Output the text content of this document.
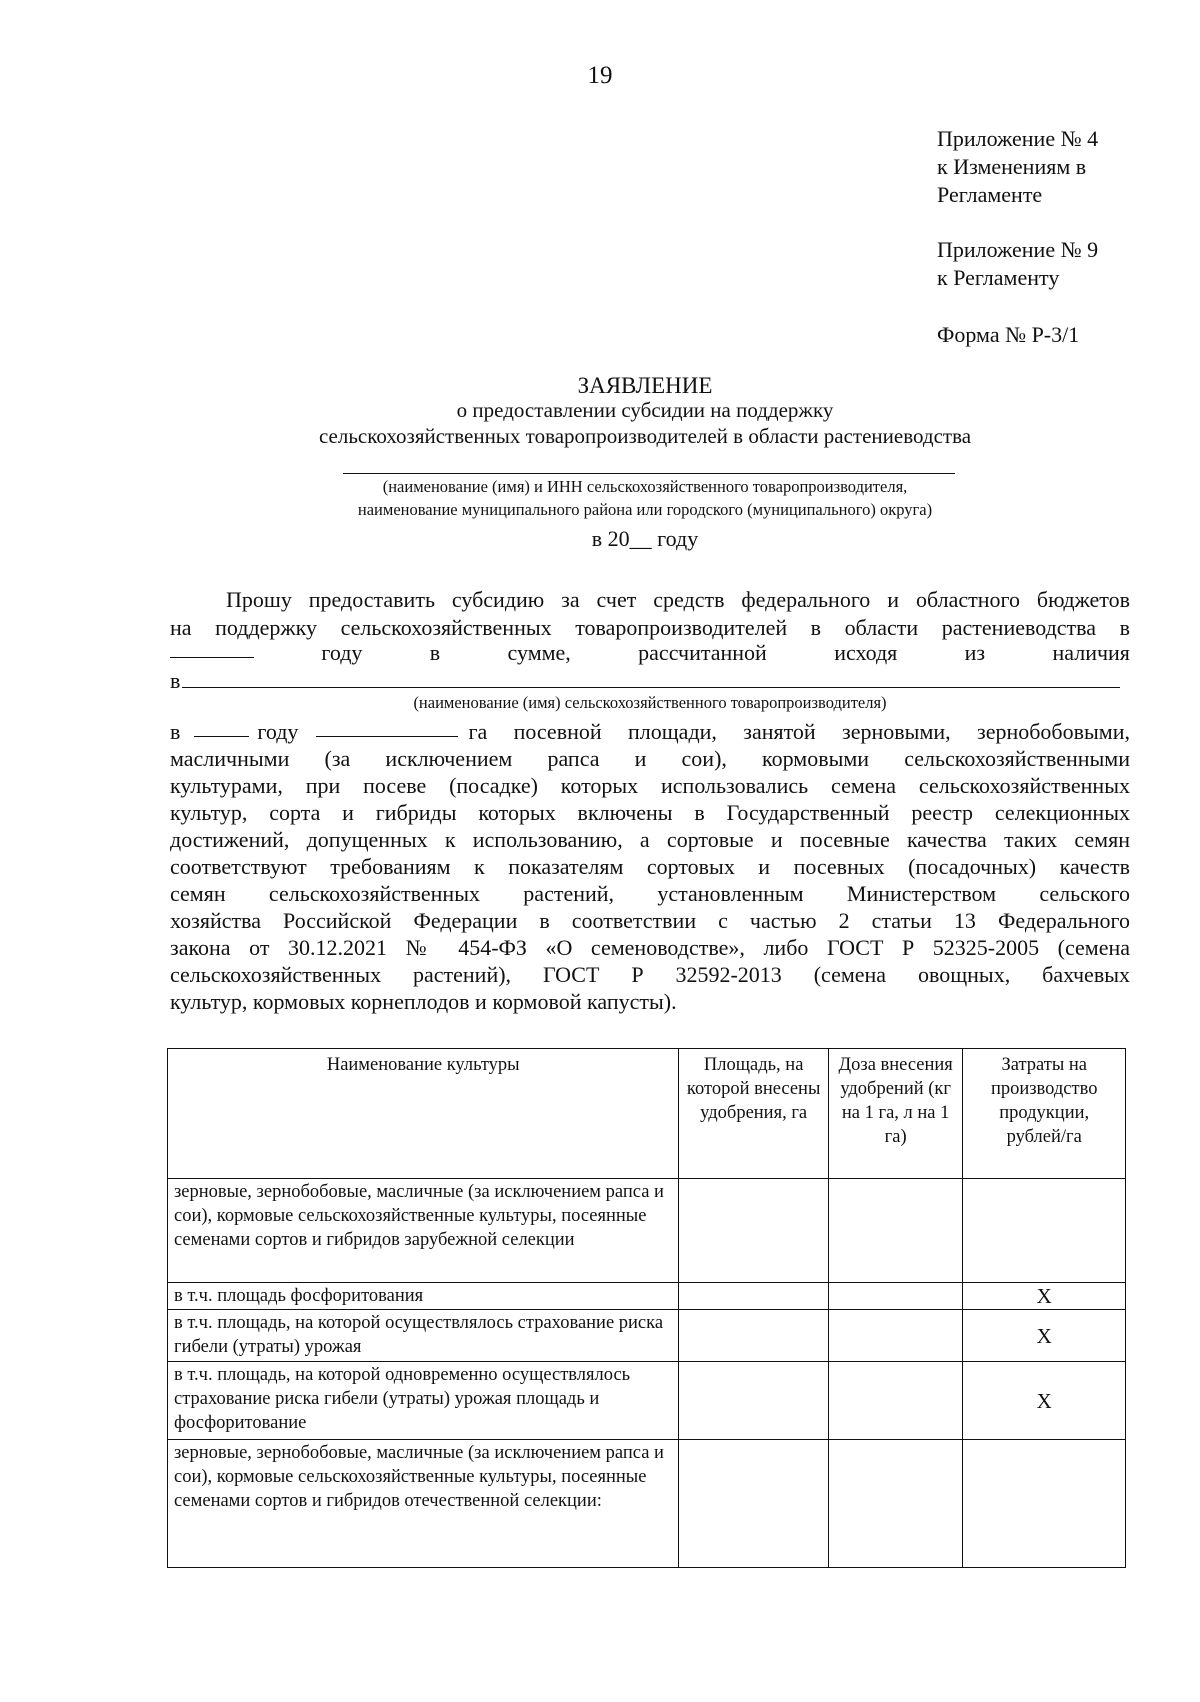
19
Приложение № 4
к Изменениям в
Регламенте
Приложение № 9
к Регламенту
Форма № Р-3/1
ЗАЯВЛЕНИЕ
о предоставлении субсидии на поддержку
сельскохозяйственных товаропроизводителей в области растениеводства
(наименование (имя) и ИНН сельскохозяйственного товаропроизводителя,
наименование муниципального района или городского (муниципального) округа)
в 20__ году
Прошу предоставить субсидию за счет средств федерального и областного бюджетов
на поддержку сельскохозяйственных товаропроизводителей в области растениеводства в
году	в	сумме,	рассчитанной	исходя	из	наличия
в
(наименование (имя) сельскохозяйственного товаропроизводителя)
в	году	га посевной площади, занятой зерновыми, зернобобовыми,
масличными (за исключением рапса и сои), кормовыми сельскохозяйственными
культурами, при посеве (посадке) которых использовались семена сельскохозяйственных
культур, сорта и гибриды которых включены в Государственный реестр селекционных
достижений, допущенных к использованию, а сортовые и посевные качества таких семян
соответствуют требованиям к показателям сортовых и посевных (посадочных) качеств
семян сельскохозяйственных растений, установленным Министерством сельского
хозяйства Российской Федерации в соответствии с частью 2 статьи 13 Федерального
закона от 30.12.2021 № 454-ФЗ «О семеноводстве», либо ГОСТ Р 52325-2005 (семена
сельскохозяйственных растений), ГОСТ Р 32592-2013 (семена овощных, бахчевых
культур, кормовых корнеплодов и кормовой капусты).
Наименование культуры	Площадь, на которой внесены удобрения, га	Доза внесения удобрений (кг на 1 га, л на 1 га)	Затраты на производство продукции, рублей/га
зерновые, зернобобовые, масличные (за исключением рапса и сои), кормовые сельскохозяйственные культуры, посеянные семенами сортов и гибридов зарубежной селекции			
в т.ч. площадь фосфоритования			Х
в т.ч. площадь, на которой осуществлялось страхование риска гибели (утраты) урожая			Х
в т.ч. площадь, на которой одновременно осуществлялось страхование риска гибели (утраты) урожая площадь и фосфоритование			Х
зерновые, зернобобовые, масличные (за исключением рапса и сои), кормовые сельскохозяйственные культуры, посеянные семенами сортов и гибридов отечественной селекции:			
